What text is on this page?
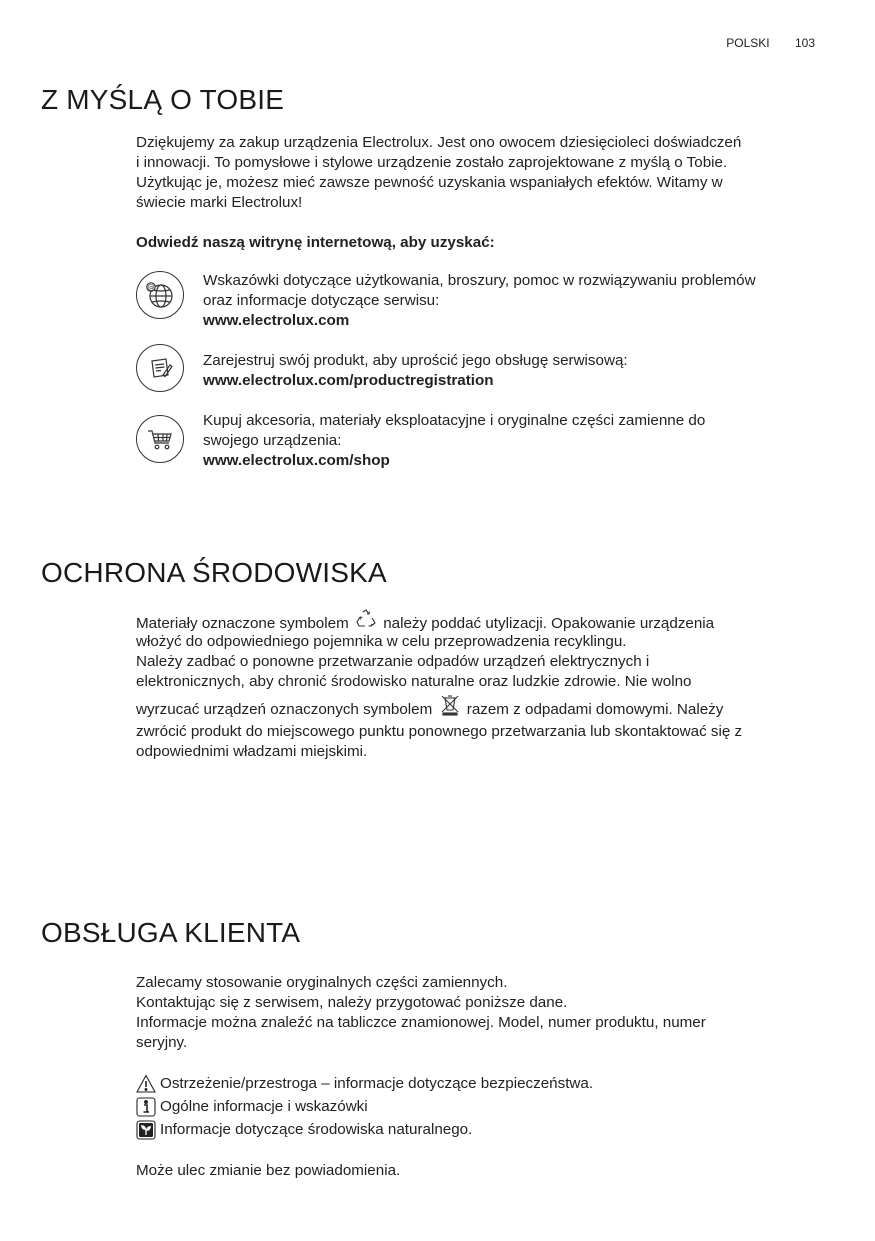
POLSKI 103
Z MYŚLĄ O TOBIE

Dziękujemy za zakup urządzenia Electrolux. Jest ono owocem dziesięcioleci doświadczeń

i innowacji. To pomysłowe i stylowe urządzenie zostało zaprojektowane z myślą o Tobie.

Użytkując je, możesz mieć zawsze pewność uzyskania wspaniałych efektów. Witamy w

świecie marki Electrolux!

Odwiedź naszą witrynę internetową, aby uzyskać:
@	Wskazówki dotyczące użytkowania, broszury, pomoc w rozwiązywaniu problemów
oraz informacje dotyczące serwisu:
www.electrolux.com
Zarejestruj swój produkt, aby uprościć jego obsługę serwisową:
www.electrolux.com/productregistration
Kupuj akcesoria, materiały eksploatacyjne i oryginalne części zamienne do
swojego urządzenia:
www.electrolux.com/shop
OCHRONA ŚRODOWISKA

Materiały oznaczone symbolem należy poddać utylizacji. Opakowanie urządzenia

włożyć do odpowiedniego pojemnika w celu przeprowadzenia recyklingu.

Należy zadbać o ponowne przetwarzanie odpadów urządzeń elektrycznych i

elektronicznych, aby chronić środowisko naturalne oraz ludzkie zdrowie. Nie wolno

wyrzucać urządzeń oznaczonych symbolem razem z odpadami domowymi. Należy

zwrócić produkt do miejscowego punktu ponownego przetwarzania lub skontaktować się z

odpowiednimi władzami miejskimi.

OBSŁUGA KLIENTA

Zalecamy stosowanie oryginalnych części zamiennych.

Kontaktując się z serwisem, należy przygotować poniższe dane.

Informacje można znaleźć na tabliczce znamionowej. Model, numer produktu, numer

seryjny.

Ostrzeżenie/przestroga – informacje dotyczące bezpieczeństwa.
Ogólne informacje i wskazówki
Informacje dotyczące środowiska naturalnego.
Może ulec zmianie bez powiadomienia.
